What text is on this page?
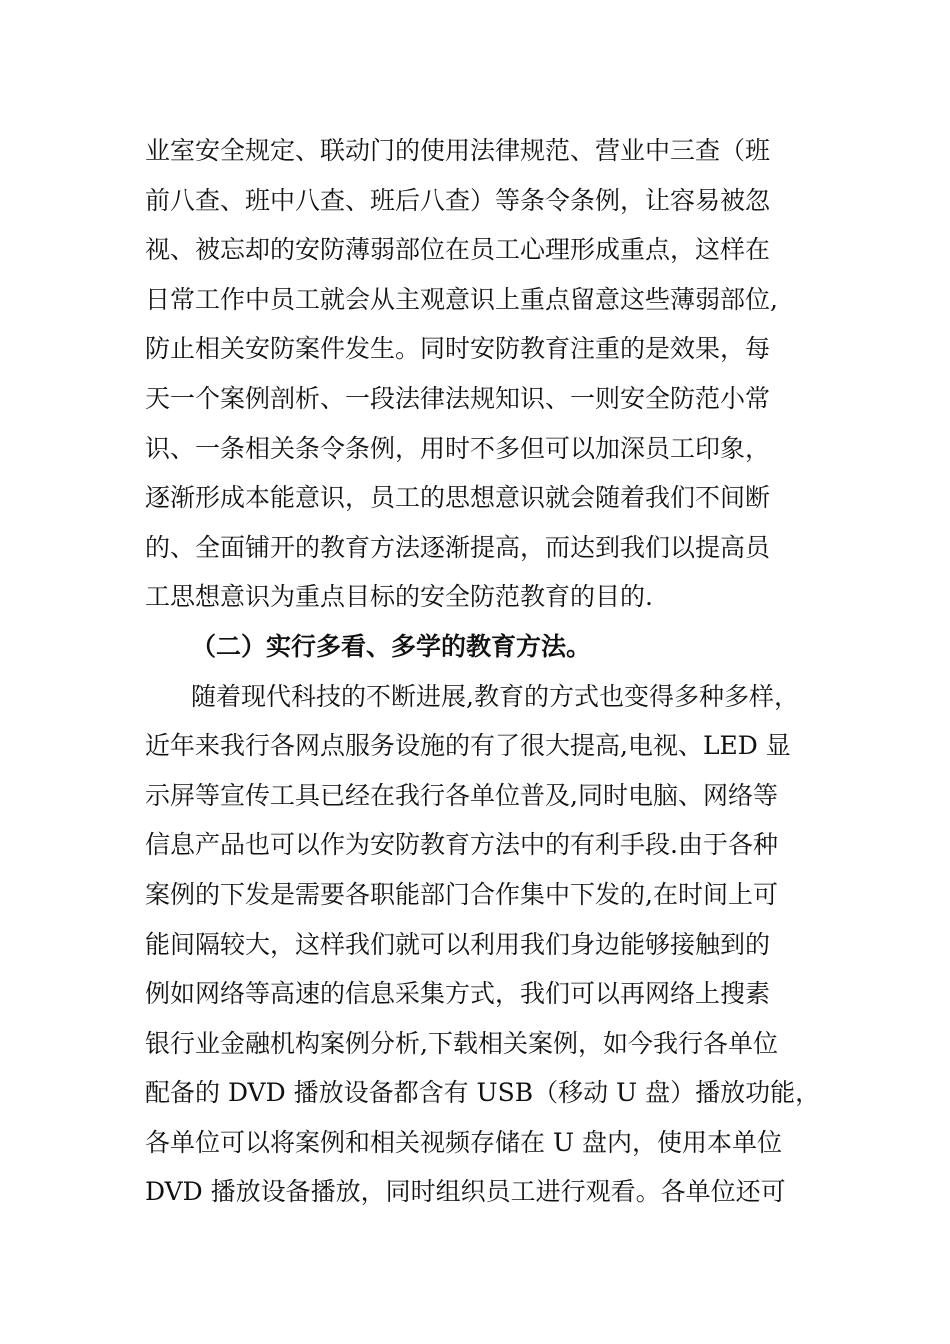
业室安全规定、联动门的使用法律规范、营业中三查（班
前八查、班中八查、班后八查）等条令条例，让容易被忽
视、被忘却的安防薄弱部位在员工心理形成重点，这样在
日常工作中员工就会从主观意识上重点留意这些薄弱部位,
防止相关安防案件发生。同时安防教育注重的是效果，每
天一个案例剖析、一段法律法规知识、一则安全防范小常
识、一条相关条令条例，用时不多但可以加深员工印象，
逐渐形成本能意识，员工的思想意识就会随着我们不间断
的、全面铺开的教育方法逐渐提高，而达到我们以提高员
工思想意识为重点目标的安全防范教育的目的.
（二）实行多看、多学的教育方法。
随着现代科技的不断进展,教育的方式也变得多种多样，
近年来我行各网点服务设施的有了很大提高,电视、LED 显
示屏等宣传工具已经在我行各单位普及,同时电脑、网络等
信息产品也可以作为安防教育方法中的有利手段.由于各种
案例的下发是需要各职能部门合作集中下发的,在时间上可
能间隔较大，这样我们就可以利用我们身边能够接触到的
例如网络等高速的信息采集方式，我们可以再网络上搜素
银行业金融机构案例分析,下载相关案例，如今我行各单位
配备的 DVD 播放设备都含有 USB（移动 U 盘）播放功能，
各单位可以将案例和相关视频存储在 U 盘内，使用本单位
DVD 播放设备播放，同时组织员工进行观看。各单位还可
